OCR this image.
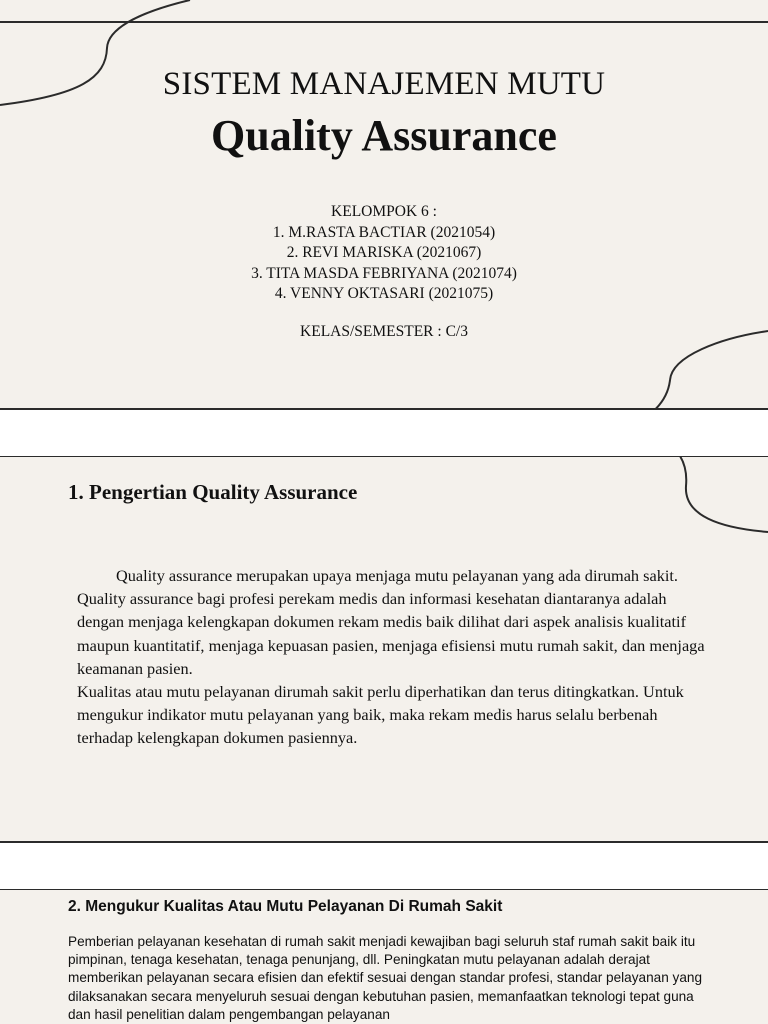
SISTEM MANAJEMEN MUTU
Quality Assurance
KELOMPOK 6 :
1. M.RASTA BACTIAR (2021054)
2. REVI MARISKA (2021067)
3. TITA MASDA FEBRIYANA (2021074)
4. VENNY OKTASARI (2021075)
KELAS/SEMESTER : C/3
1. Pengertian Quality Assurance

Quality assurance merupakan upaya menjaga mutu pelayanan yang ada dirumah sakit. Quality assurance bagi profesi perekam medis dan informasi kesehatan diantaranya adalah dengan menjaga kelengkapan dokumen rekam medis baik dilihat dari aspek analisis kualitatif maupun kuantitatif, menjaga kepuasan pasien, menjaga efisiensi mutu rumah sakit, dan menjaga keamanan pasien.

Kualitas atau mutu pelayanan dirumah sakit perlu diperhatikan dan terus ditingkatkan. Untuk mengukur indikator mutu pelayanan yang baik, maka rekam medis harus selalu berbenah terhadap kelengkapan dokumen pasiennya.

2. Mengukur Kualitas Atau Mutu Pelayanan Di Rumah Sakit
Pemberian pelayanan kesehatan di rumah sakit menjadi kewajiban bagi seluruh staf rumah sakit baik itu pimpinan, tenaga kesehatan, tenaga penunjang, dll. Peningkatan mutu pelayanan adalah derajat memberikan pelayanan secara efisien dan efektif sesuai dengan standar profesi, standar pelayanan yang dilaksanakan secara menyeluruh sesuai dengan kebutuhan pasien, memanfaatkan teknologi tepat guna dan hasil penelitian dalam pengembangan pelayanan
